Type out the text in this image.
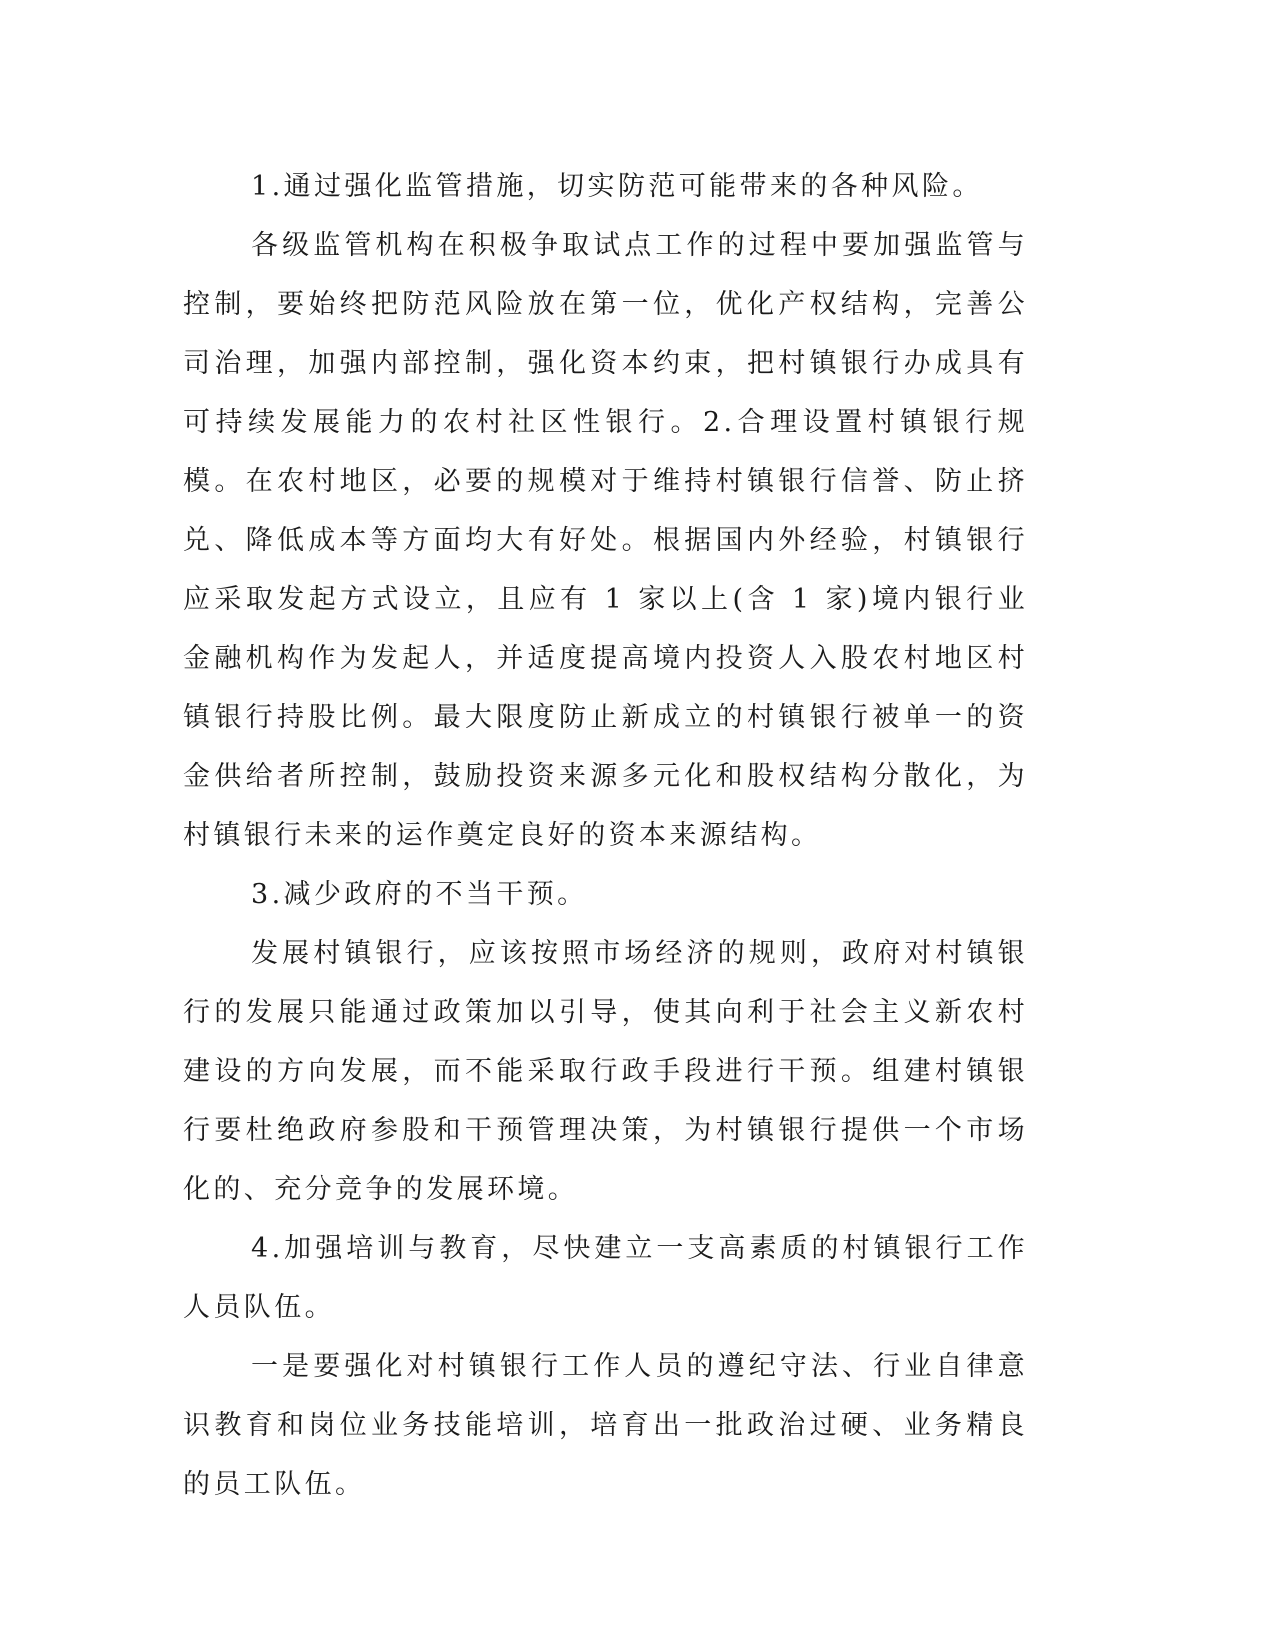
1.通过强化监管措施，切实防范可能带来的各种风险。

各级监管机构在积极争取试点工作的过程中要加强监管与控制，要始终把防范风险放在第一位，优化产权结构，完善公司治理，加强内部控制，强化资本约束，把村镇银行办成具有可持续发展能力的农村社区性银行。2.合理设置村镇银行规模。在农村地区，必要的规模对于维持村镇银行信誉、防止挤兑、降低成本等方面均大有好处。根据国内外经验，村镇银行应采取发起方式设立，且应有 1 家以上(含 1 家)境内银行业金融机构作为发起人，并适度提高境内投资人入股农村地区村镇银行持股比例。最大限度防止新成立的村镇银行被单一的资金供给者所控制，鼓励投资来源多元化和股权结构分散化，为村镇银行未来的运作奠定良好的资本来源结构。

3.减少政府的不当干预。

发展村镇银行，应该按照市场经济的规则，政府对村镇银行的发展只能通过政策加以引导，使其向利于社会主义新农村建设的方向发展，而不能采取行政手段进行干预。组建村镇银行要杜绝政府参股和干预管理决策，为村镇银行提供一个市场化的、充分竞争的发展环境。

4.加强培训与教育，尽快建立一支高素质的村镇银行工作人员队伍。

一是要强化对村镇银行工作人员的遵纪守法、行业自律意识教育和岗位业务技能培训，培育出一批政治过硬、业务精良的员工队伍。
